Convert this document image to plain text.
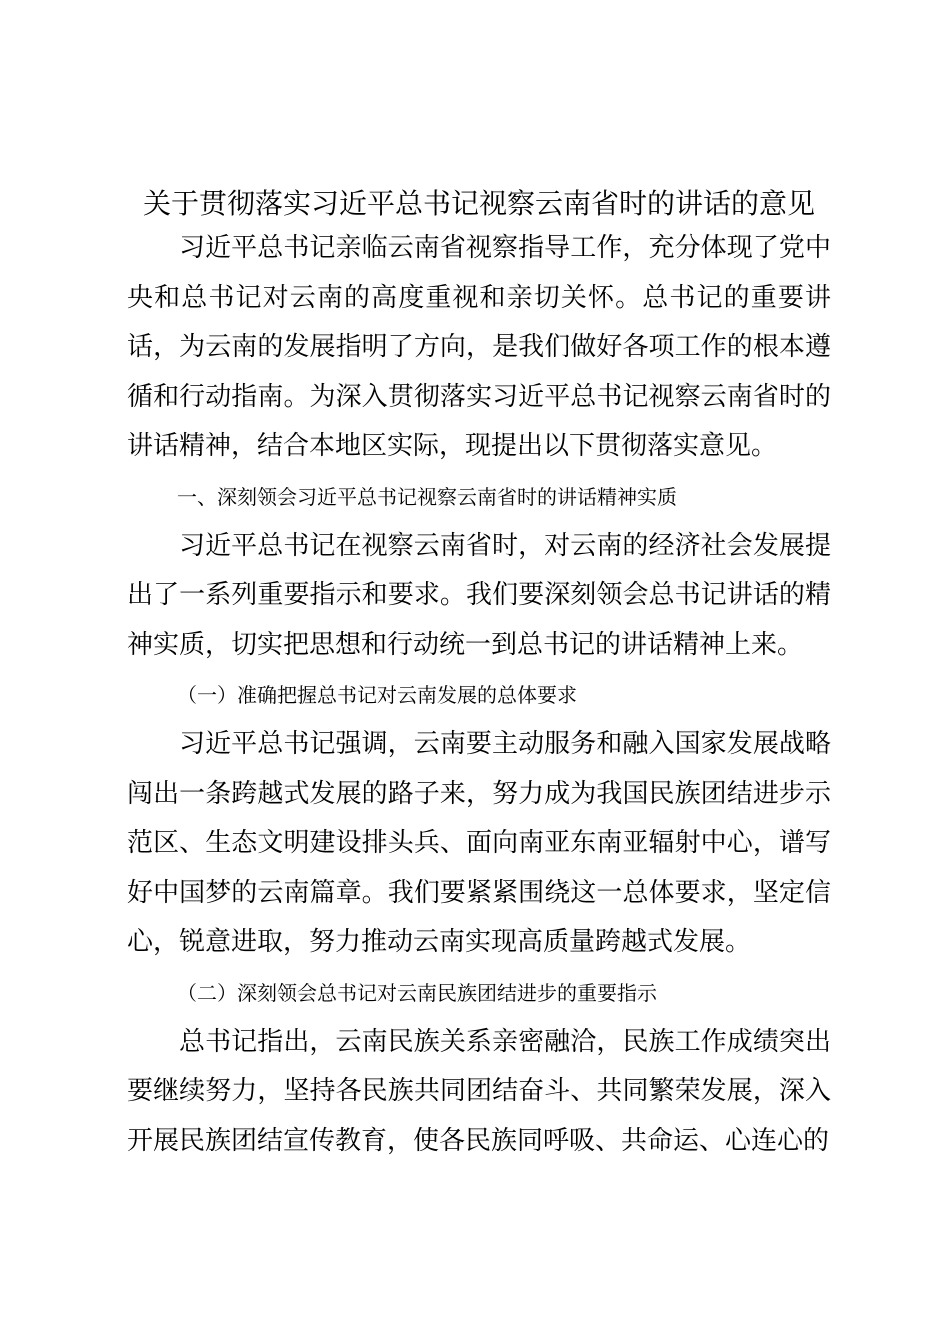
关于贯彻落实习近平总书记视察云南省时的讲话的意见

习近平总书记亲临云南省视察指导工作，充分体现了党中央和总书记对云南的高度重视和亲切关怀。总书记的重要讲话，为云南的发展指明了方向，是我们做好各项工作的根本遵循和行动指南。为深入贯彻落实习近平总书记视察云南省时的讲话精神，结合本地区实际，现提出以下贯彻落实意见。

一、深刻领会习近平总书记视察云南省时的讲话精神实质

习近平总书记在视察云南省时，对云南的经济社会发展提出了一系列重要指示和要求。我们要深刻领会总书记讲话的精神实质，切实把思想和行动统一到总书记的讲话精神上来。

（一）准确把握总书记对云南发展的总体要求

习近平总书记强调，云南要主动服务和融入国家发展战略闯出一条跨越式发展的路子来，努力成为我国民族团结进步示范区、生态文明建设排头兵、面向南亚东南亚辐射中心，谱写好中国梦的云南篇章。我们要紧紧围绕这一总体要求，坚定信心，锐意进取，努力推动云南实现高质量跨越式发展。

（二）深刻领会总书记对云南民族团结进步的重要指示

总书记指出，云南民族关系亲密融洽，民族工作成绩突出要继续努力，坚持各民族共同团结奋斗、共同繁荣发展，深入开展民族团结宣传教育，使各民族同呼吸、共命运、心连心的
